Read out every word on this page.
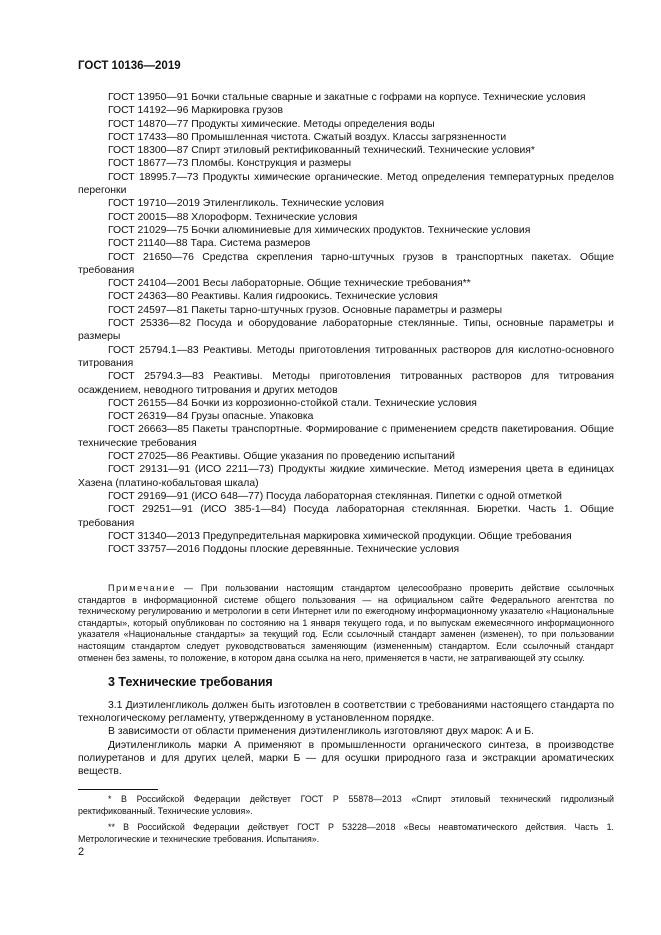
ГОСТ 10136—2019

ГОСТ 13950—91 Бочки стальные сварные и закатные с гофрами на корпусе. Технические условия

ГОСТ 14192—96 Маркировка грузов

ГОСТ 14870—77 Продукты химические. Методы определения воды

ГОСТ 17433—80 Промышленная чистота. Сжатый воздух. Классы загрязненности

ГОСТ 18300—87 Спирт этиловый ректификованный технический. Технические условия*

ГОСТ 18677—73 Пломбы. Конструкция и размеры

ГОСТ 18995.7—73 Продукты химические органические. Метод определения температурных пределов перегонки

ГОСТ 19710—2019 Этиленгликоль. Технические условия

ГОСТ 20015—88 Хлороформ. Технические условия

ГОСТ 21029—75 Бочки алюминиевые для химических продуктов. Технические условия

ГОСТ 21140—88 Тара. Система размеров

ГОСТ 21650—76 Средства скрепления тарно-штучных грузов в транспортных пакетах. Общие требования

ГОСТ 24104—2001 Весы лабораторные. Общие технические требования**

ГОСТ 24363—80 Реактивы. Калия гидроокись. Технические условия

ГОСТ 24597—81 Пакеты тарно-штучных грузов. Основные параметры и размеры

ГОСТ 25336—82 Посуда и оборудование лабораторные стеклянные. Типы, основные параметры и размеры

ГОСТ 25794.1—83 Реактивы. Методы приготовления титрованных растворов для кислотно-основного титрования

ГОСТ 25794.3—83 Реактивы. Методы приготовления титрованных растворов для титрования осаждением, неводного титрования и других методов

ГОСТ 26155—84 Бочки из коррозионно-стойкой стали. Технические условия

ГОСТ 26319—84 Грузы опасные. Упаковка

ГОСТ 26663—85 Пакеты транспортные. Формирование с применением средств пакетирования. Общие технические требования

ГОСТ 27025—86 Реактивы. Общие указания по проведению испытаний

ГОСТ 29131—91 (ИСО 2211—73) Продукты жидкие химические. Метод измерения цвета в единицах Хазена (платино-кобальтовая шкала)

ГОСТ 29169—91 (ИСО 648—77) Посуда лабораторная стеклянная. Пипетки с одной отметкой

ГОСТ 29251—91 (ИСО 385-1—84) Посуда лабораторная стеклянная. Бюретки. Часть 1. Общие требования

ГОСТ 31340—2013 Предупредительная маркировка химической продукции. Общие требования

ГОСТ 33757—2016 Поддоны плоские деревянные. Технические условия

Примечание — При пользовании настоящим стандартом целесообразно проверить действие ссылочных стандартов в информационной системе общего пользования — на официальном сайте Федерального агентства по техническому регулированию и метрологии в сети Интернет или по ежегодному информационному указателю «Национальные стандарты», который опубликован по состоянию на 1 января текущего года, и по выпускам ежемесячного информационного указателя «Национальные стандарты» за текущий год. Если ссылочный стандарт заменен (изменен), то при пользовании настоящим стандартом следует руководствоваться заменяющим (измененным) стандартом. Если ссылочный стандарт отменен без замены, то положение, в котором дана ссылка на него, применяется в части, не затрагивающей эту ссылку.

3 Технические требования

3.1 Диэтиленгликоль должен быть изготовлен в соответствии с требованиями настоящего стандарта по технологическому регламенту, утвержденному в установленном порядке.

В зависимости от области применения диэтиленгликоль изготовляют двух марок: А и Б.

Диэтиленгликоль марки А применяют в промышленности органического синтеза, в производстве полиуретанов и для других целей, марки Б — для осушки природного газа и экстракции ароматических веществ.

* В Российской Федерации действует ГОСТ Р 55878—2013 «Спирт этиловый технический гидролизный ректификованный. Технические условия».

** В Российской Федерации действует ГОСТ Р 53228—2018 «Весы неавтоматического действия. Часть 1. Метрологические и технические требования. Испытания».

2
